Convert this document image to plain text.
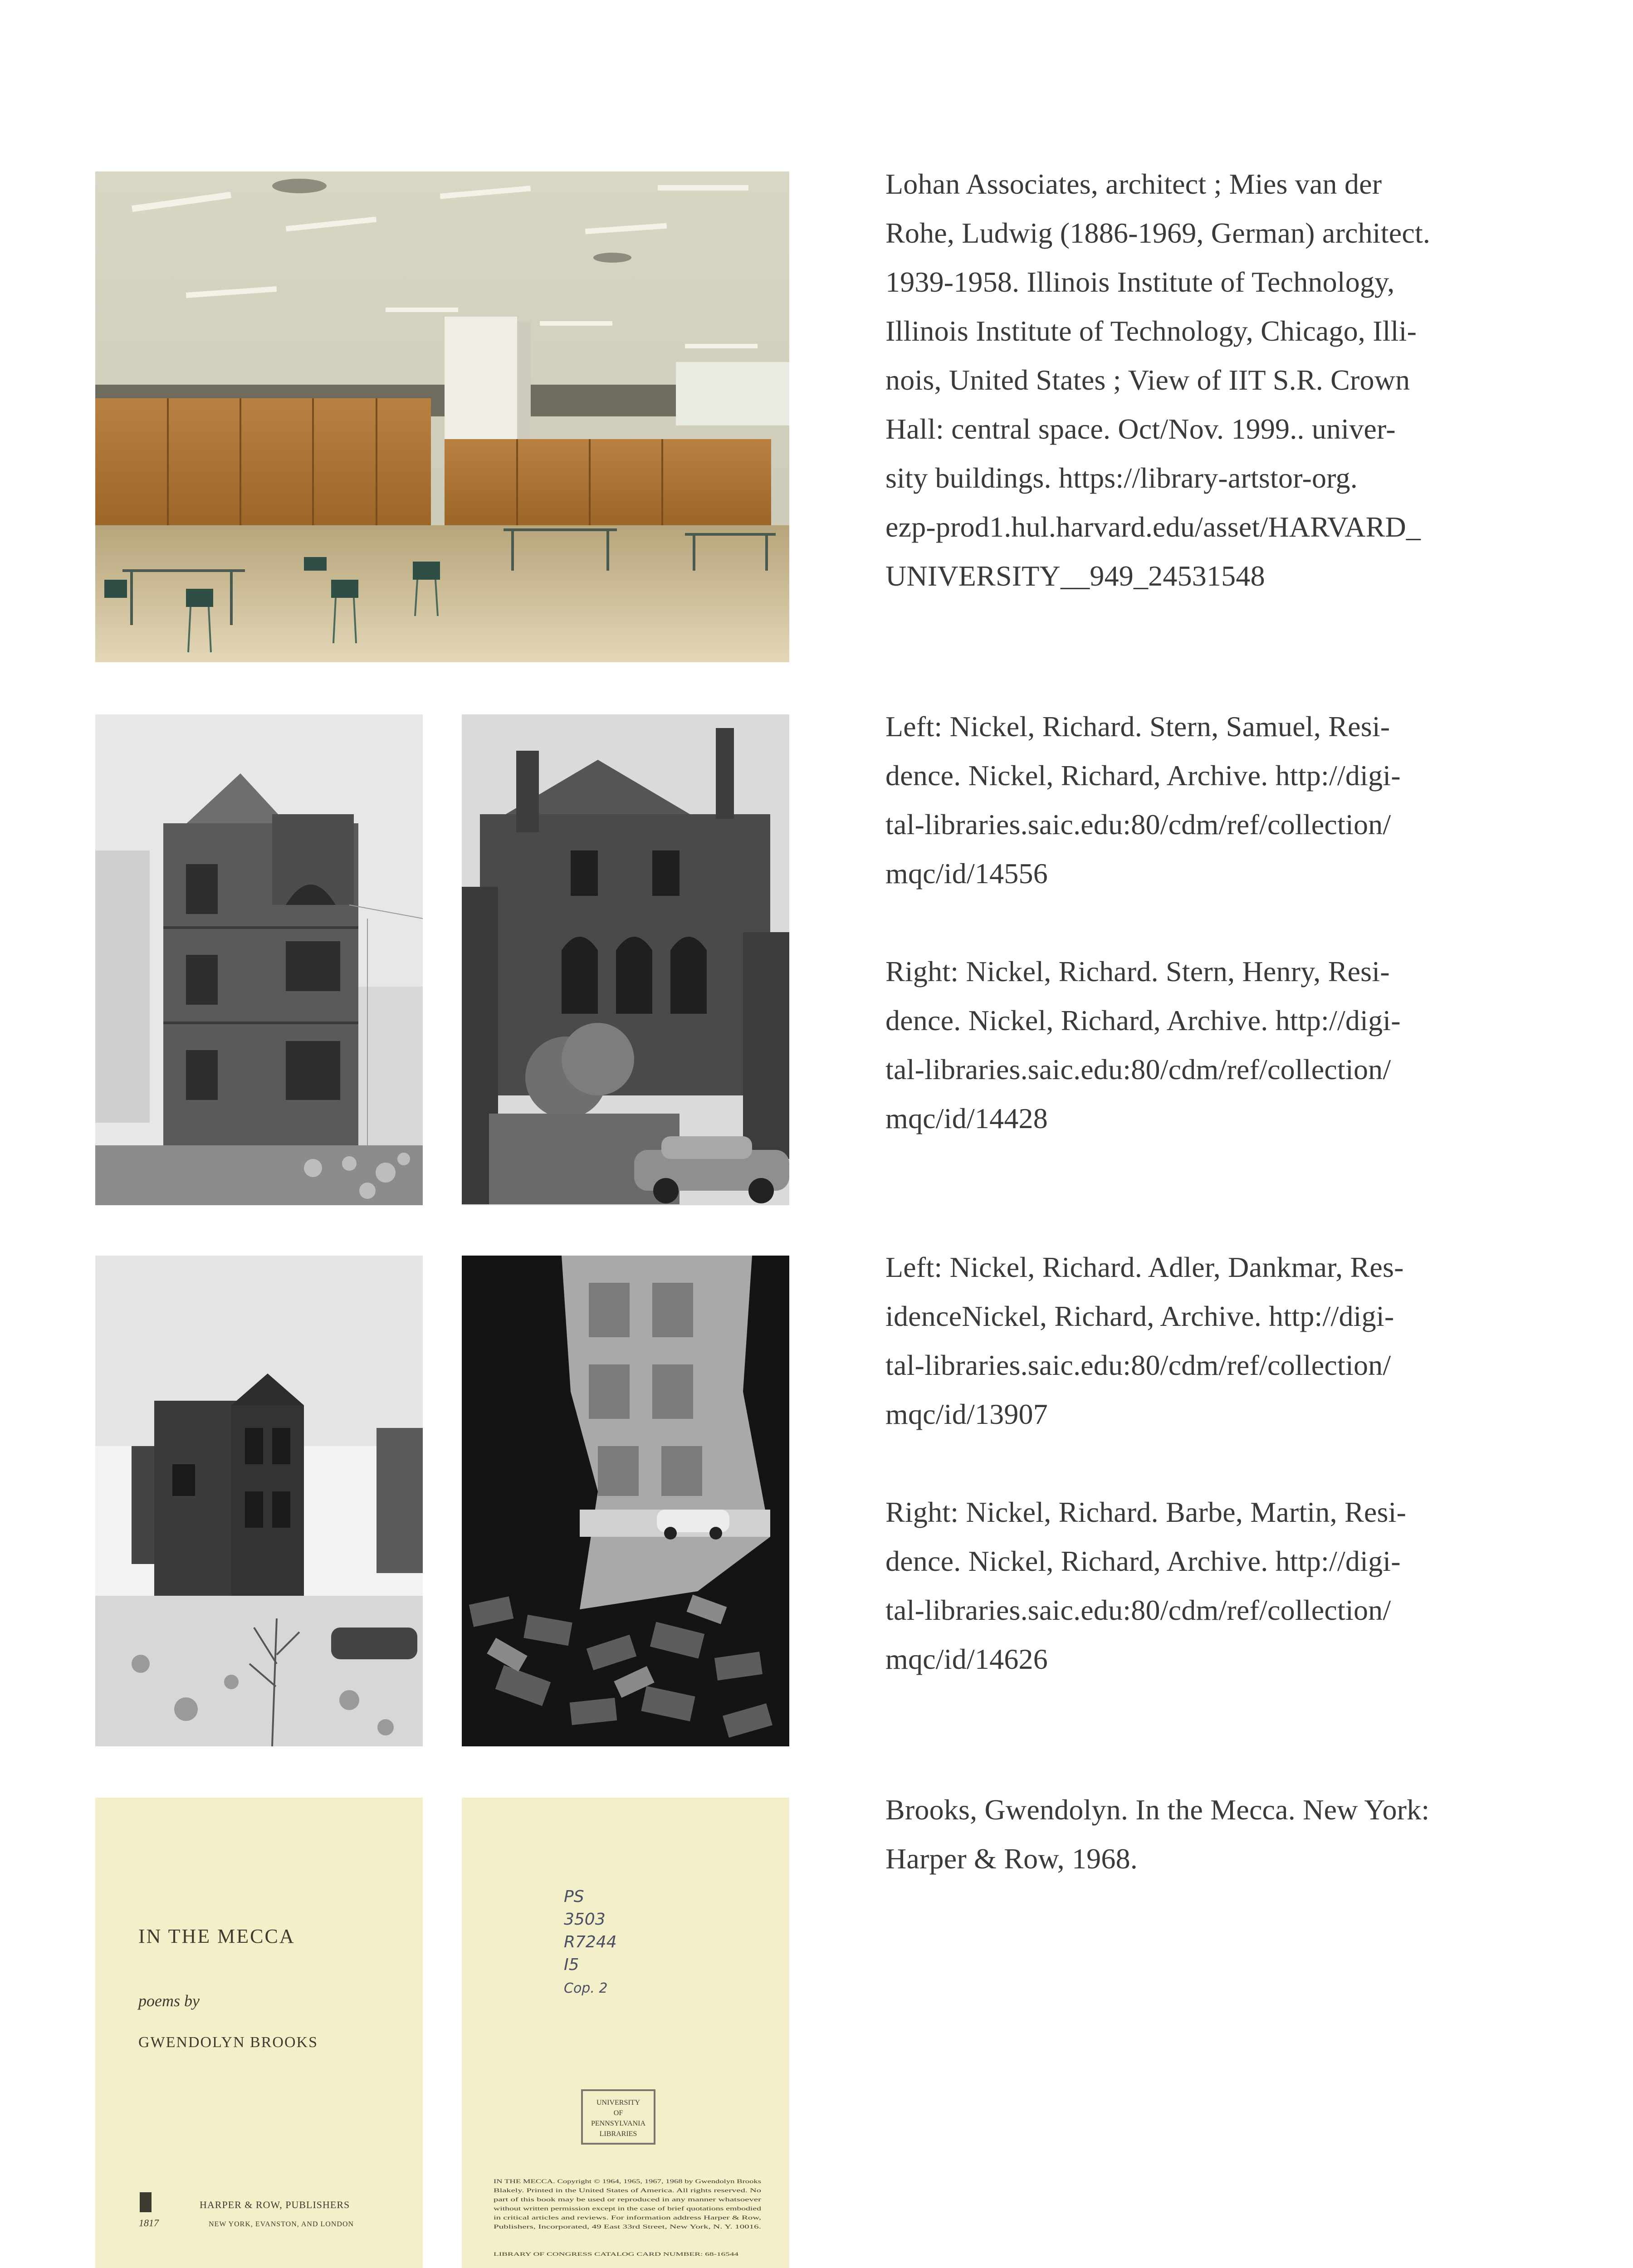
Lohan Associates, architect ; Mies van der
Rohe, Ludwig (1886-1969, German) architect.
1939-1958. Illinois Institute of Technology,
Illinois Institute of Technology, Chicago, Illi-
nois, United States ; View of IIT S.R. Crown
Hall: central space. Oct/Nov. 1999.. univer-
sity buildings. https://library-artstor-org.
ezp-prod1.hul.harvard.edu/asset/HARVARD_
UNIVERSITY__949_24531548

Left: Nickel, Richard. Stern, Samuel, Resi-
dence. Nickel, Richard, Archive. http://digi-
tal-libraries.saic.edu:80/cdm/ref/collection/
mqc/id/14556

Right: Nickel, Richard. Stern, Henry, Resi-
dence. Nickel, Richard, Archive. http://digi-
tal-libraries.saic.edu:80/cdm/ref/collection/
mqc/id/14428

Left: Nickel, Richard. Adler, Dankmar, Res-
idenceNickel, Richard, Archive. http://digi-
tal-libraries.saic.edu:80/cdm/ref/collection/
mqc/id/13907

Right: Nickel, Richard. Barbe, Martin, Resi-
dence. Nickel, Richard, Archive. http://digi-
tal-libraries.saic.edu:80/cdm/ref/collection/
mqc/id/14626

IN THE MECCA
poems by
GWENDOLYN BROOKS
1817
HARPER & ROW, PUBLISHERS
NEW YORK, EVANSTON, AND LONDON
PS
3503
R7244
I5
Cop. 2
UNIVERSITY
OF
PENNSYLVANIA
LIBRARIES
IN THE MECCA. Copyright © 1964, 1965, 1967, 1968 by Gwendolyn Brooks
Blakely. Printed in the United States of America. All rights reserved. No
part of this book may be used or reproduced in any manner whatsoever
without written permission except in the case of brief quotations embodied
in critical articles and reviews. For information address Harper & Row,
Publishers, Incorporated, 49 East 33rd Street, New York, N. Y. 10016.
LIBRARY OF CONGRESS CATALOG CARD NUMBER: 68-16544

Brooks, Gwendolyn. In the Mecca. New York:
Harper & Row, 1968.
